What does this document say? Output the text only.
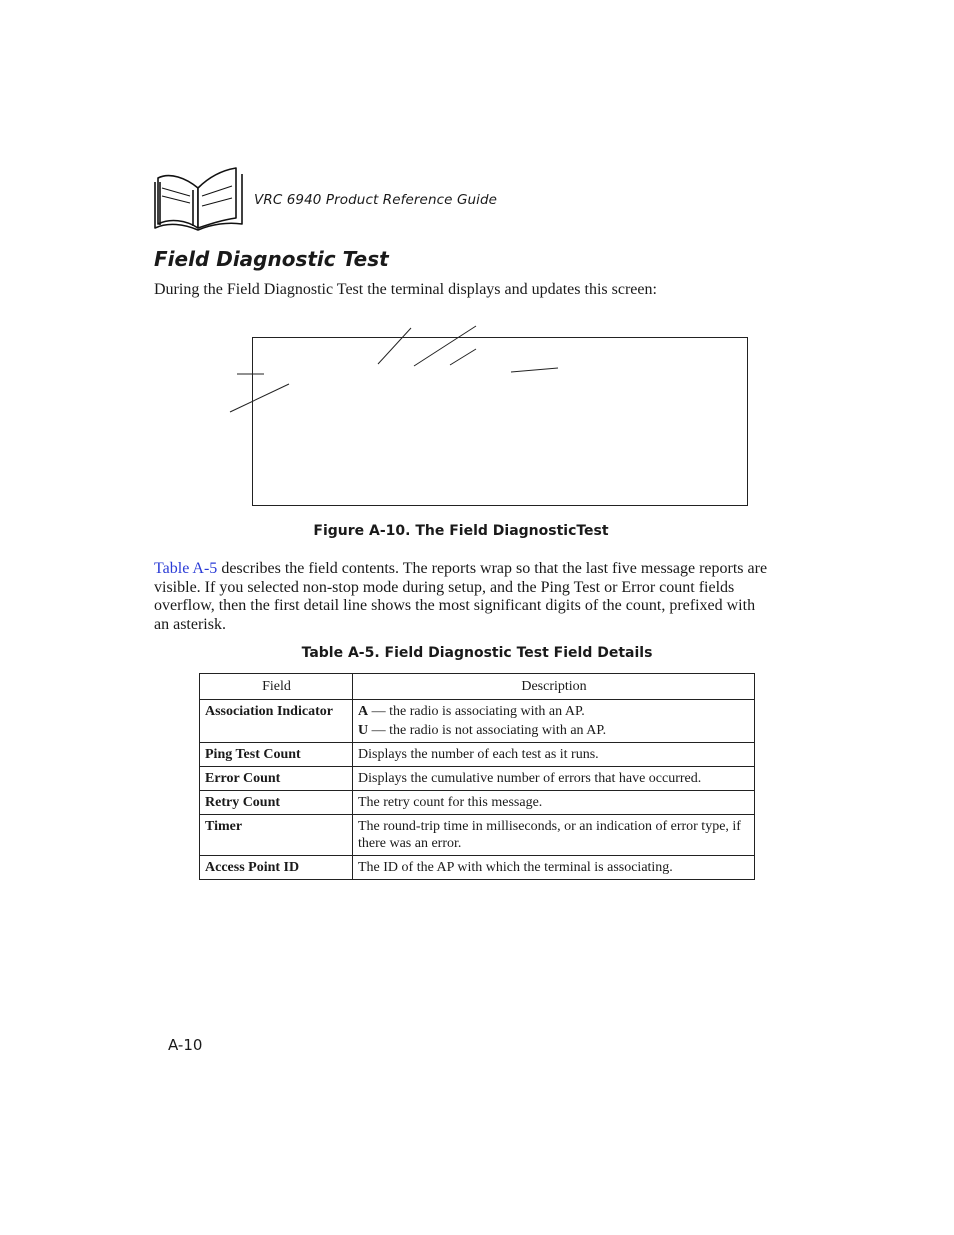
VRC 6940 Product Reference Guide
Field Diagnostic Test
During the Field Diagnostic Test the terminal displays and updates this screen:
Figure A-10. The Field DiagnosticTest
Table A-5 describes the field contents. The reports wrap so that the last five message reports are visible. If you selected non-stop mode during setup, and the Ping Test or Error count fields overflow, then the first detail line shows the most significant digits of the count, prefixed with an asterisk.
Table A-5. Field Diagnostic Test Field Details
Field	Description
Association Indicator	A — the radio is associating with an AP.
U — the radio is not associating with an AP.

Ping Test Count	Displays the number of each test as it runs.

Error Count	Displays the cumulative number of errors that have occurred.

Retry Count	The retry count for this message.

Timer	The round-trip time in milliseconds, or an indication of error type, if there was an error.

Access Point ID	The ID of the AP with which the terminal is associating.
A-10
